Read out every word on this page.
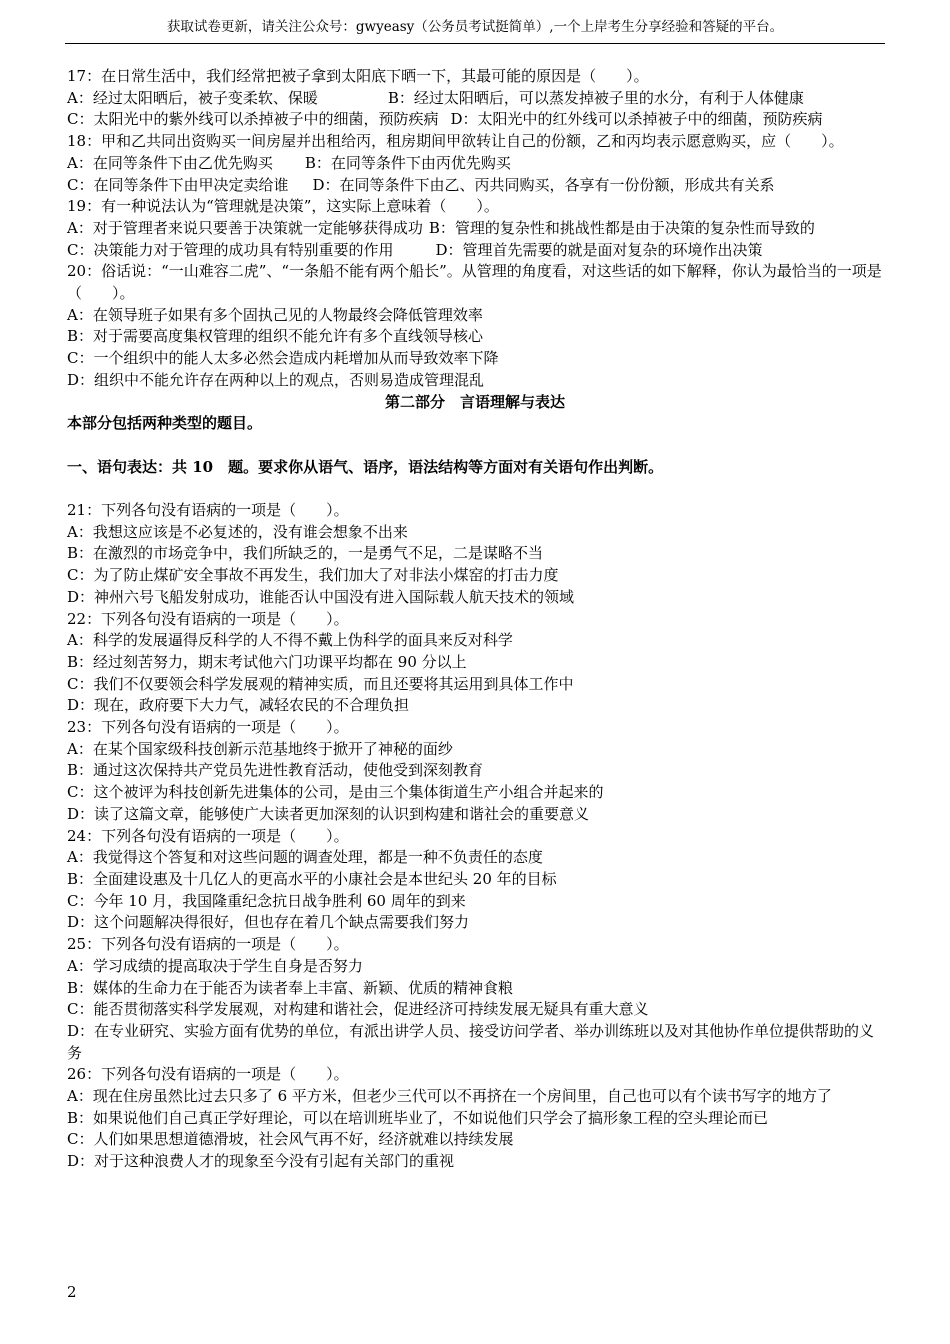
获取试卷更新，请关注公众号：gwyeasy（公务员考试挺简单）,一个上岸考生分享经验和答疑的平台。
17：在日常生活中，我们经常把被子拿到太阳底下晒一下，其最可能的原因是（　　）。
A：经过太阳晒后，被子变柔软、保暖	B：经过太阳晒后，可以蒸发掉被子里的水分，有利于人体健康
C：太阳光中的紫外线可以杀掉被子中的细菌，预防疾病 D：太阳光中的红外线可以杀掉被子中的细菌，预防疾病
18：甲和乙共同出资购买一间房屋并出租给丙，租房期间甲欲转让自己的份额，乙和丙均表示愿意购买，应（　　）。
A：在同等条件下由乙优先购买 B：在同等条件下由丙优先购买
C：在同等条件下由甲决定卖给谁 D：在同等条件下由乙、丙共同购买，各享有一份份额，形成共有关系
19：有一种说法认为“管理就是决策”，这实际上意味着（　　）。
A：对于管理者来说只要善于决策就一定能够获得成功 B：管理的复杂性和挑战性都是由于决策的复杂性而导致的
C：决策能力对于管理的成功具有特别重要的作用	D：管理首先需要的就是面对复杂的环境作出决策
20：俗话说：“一山难容二虎”、“一条船不能有两个船长”。从管理的角度看，对这些话的如下解释，你认为最恰当的一项是（　　）。
A：在领导班子如果有多个固执己见的人物最终会降低管理效率
B：对于需要高度集权管理的组织不能允许有多个直线领导核心
C：一个组织中的能人太多必然会造成内耗增加从而导致效率下降
D：组织中不能允许存在两种以上的观点，否则易造成管理混乱
第二部分　言语理解与表达
本部分包括两种类型的题目。
一、语句表达：共 10　题。要求你从语气、语序，语法结构等方面对有关语句作出判断。
21：下列各句没有语病的一项是（　　）。
A：我想这应该是不必复述的，没有谁会想象不出来
B：在激烈的市场竞争中，我们所缺乏的，一是勇气不足，二是谋略不当
C：为了防止煤矿安全事故不再发生，我们加大了对非法小煤窑的打击力度
D：神州六号飞船发射成功，谁能否认中国没有进入国际载人航天技术的领域
22：下列各句没有语病的一项是（　　）。
A：科学的发展逼得反科学的人不得不戴上伪科学的面具来反对科学
B：经过刻苦努力，期末考试他六门功课平均都在 90 分以上
C：我们不仅要领会科学发展观的精神实质，而且还要将其运用到具体工作中
D：现在，政府要下大力气，减轻农民的不合理负担
23：下列各句没有语病的一项是（　　）。
A：在某个国家级科技创新示范基地终于掀开了神秘的面纱
B：通过这次保持共产党员先进性教育活动，使他受到深刻教育
C：这个被评为科技创新先进集体的公司，是由三个集体街道生产小组合并起来的
D：读了这篇文章，能够使广大读者更加深刻的认识到构建和谐社会的重要意义
24：下列各句没有语病的一项是（　　）。
A：我觉得这个答复和对这些问题的调查处理，都是一种不负责任的态度
B：全面建设惠及十几亿人的更高水平的小康社会是本世纪头 20 年的目标
C：今年 10 月，我国隆重纪念抗日战争胜利 60 周年的到来
D：这个问题解决得很好，但也存在着几个缺点需要我们努力
25：下列各句没有语病的一项是（　　）。
A：学习成绩的提高取决于学生自身是否努力
B：媒体的生命力在于能否为读者奉上丰富、新颖、优质的精神食粮
C：能否贯彻落实科学发展观，对构建和谐社会，促进经济可持续发展无疑具有重大意义
D：在专业研究、实验方面有优势的单位，有派出讲学人员、接受访问学者、举办训练班以及对其他协作单位提供帮助的义务
26：下列各句没有语病的一项是（　　）。
A：现在住房虽然比过去只多了 6 平方米，但老少三代可以不再挤在一个房间里，自己也可以有个读书写字的地方了
B：如果说他们自己真正学好理论，可以在培训班毕业了，不如说他们只学会了搞形象工程的空头理论而已
C：人们如果思想道德滑坡，社会风气再不好，经济就难以持续发展
D：对于这种浪费人才的现象至今没有引起有关部门的重视
2
